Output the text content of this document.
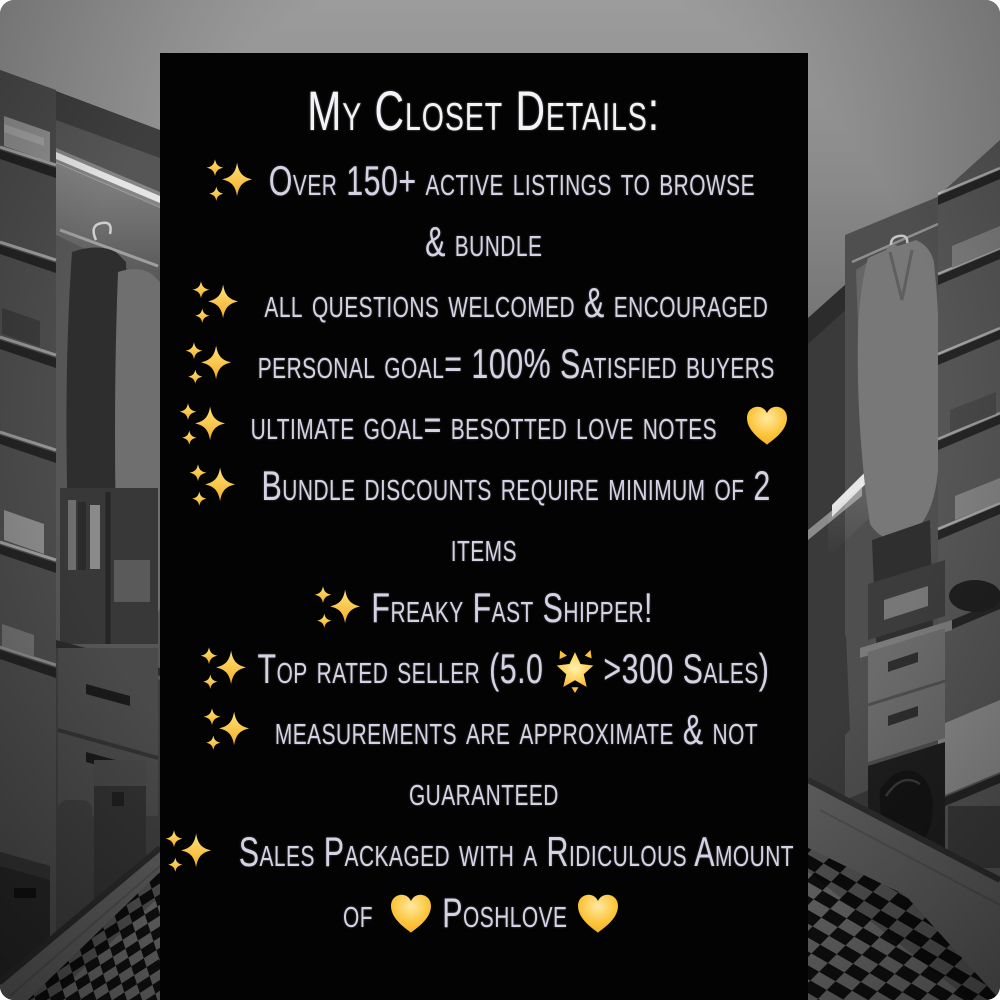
My Closet Details:
Over 150+ active listings to browse
& bundle
all questions welcomed & encouraged
personal goal= 100% Satisfied buyers
ultimate goal= besotted love notes
Bundle discounts require minimum of 2
items
Freaky Fast Shipper!
Top rated seller (5.0 >300 Sales)
measurements are approximate & not
guaranteed
Sales Packaged with a Ridiculous Amount
of Poshlove
